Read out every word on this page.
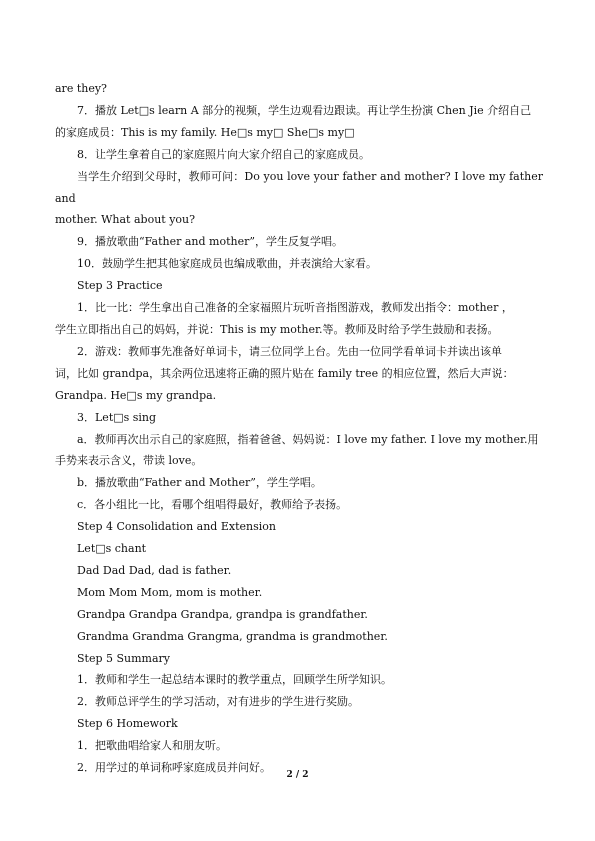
are they?

7．播放 Let□s learn A 部分的视频，学生边观看边跟读。再让学生扮演 Chen Jie 介绍自己

的家庭成员：This is my family. He□s my□ She□s my□

8．让学生拿着自己的家庭照片向大家介绍自己的家庭成员。

当学生介绍到父母时，教师可问：Do you love your father and mother? I love my father and

mother. What about you?

9．播放歌曲“Father and mother”，学生反复学唱。

10．鼓励学生把其他家庭成员也编成歌曲，并表演给大家看。

Step 3 Practice

1．比一比：学生拿出自己准备的全家福照片玩听音指图游戏，教师发出指令：mother ，

学生立即指出自己的妈妈，并说：This is my mother.等。教师及时给予学生鼓励和表扬。

2．游戏：教师事先准备好单词卡，请三位同学上台。先由一位同学看单词卡并读出该单

词，比如 grandpa，其余两位迅速将正确的照片贴在 family tree 的相应位置，然后大声说：

Grandpa. He□s my grandpa.

3．Let□s sing

a．教师再次出示自己的家庭照，指着爸爸、妈妈说：I love my father. I love my mother.用

手势来表示含义，带读 love。

b．播放歌曲“Father and Mother”，学生学唱。

c．各小组比一比，看哪个组唱得最好，教师给予表扬。

Step 4 Consolidation and Extension

Let□s chant

Dad Dad Dad, dad is father.

Mom Mom Mom, mom is mother.

Grandpa Grandpa Grandpa, grandpa is grandfather.

Grandma Grandma Grangma, grandma is grandmother.

Step 5 Summary

1．教师和学生一起总结本课时的教学重点，回顾学生所学知识。

2．教师总评学生的学习活动，对有进步的学生进行奖励。

Step 6 Homework

1．把歌曲唱给家人和朋友听。

2．用学过的单词称呼家庭成员并问好。

2 / 2
